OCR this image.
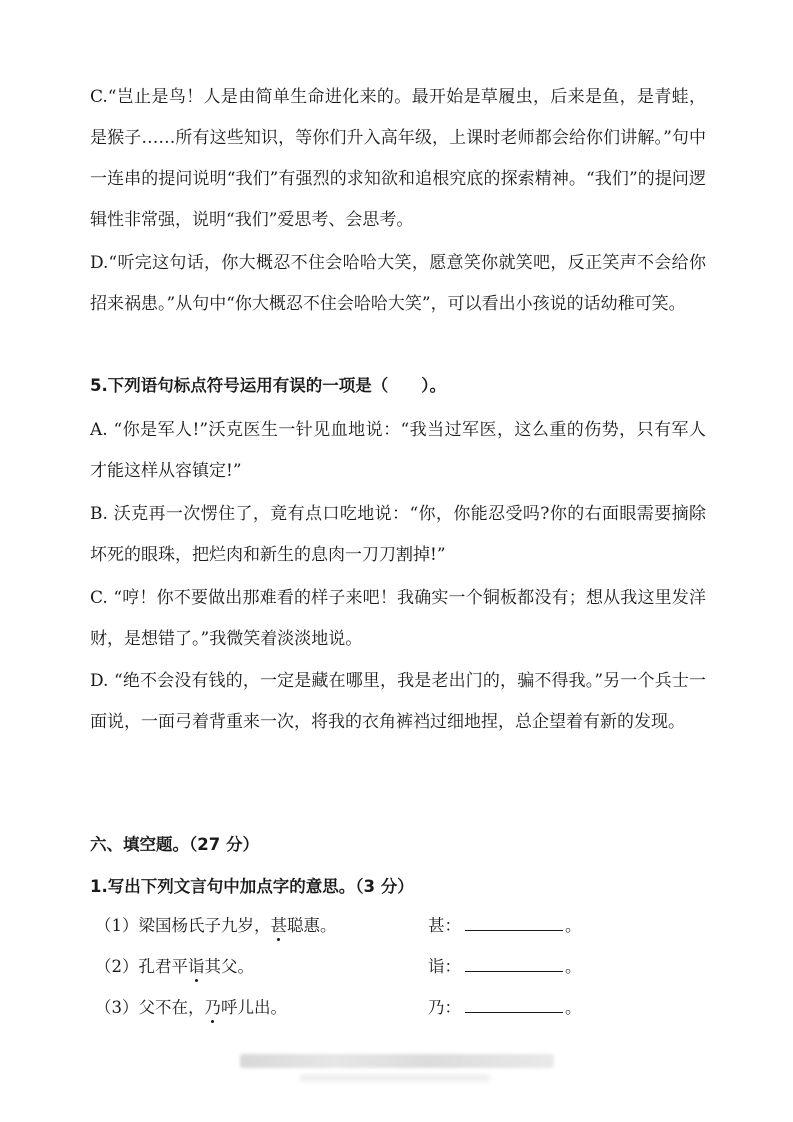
C.“岂止是鸟！人是由简单生命进化来的。最开始是草履虫，后来是鱼，是青蛙，是猴子……所有这些知识，等你们升入高年级，上课时老师都会给你们讲解。”句中一连串的提问说明“我们”有强烈的求知欲和追根究底的探索精神。“我们”的提问逻辑性非常强，说明“我们”爱思考、会思考。

D.“听完这句话，你大概忍不住会哈哈大笑，愿意笑你就笑吧，反正笑声不会给你招来祸患。”从句中“你大概忍不住会哈哈大笑”，可以看出小孩说的话幼稚可笑。

5.下列语句标点符号运用有误的一项是（　　）。

A. “你是军人!”沃克医生一针见血地说：“我当过军医，这么重的伤势，只有军人才能这样从容镇定!”

B. 沃克再一次愣住了，竟有点口吃地说：“你，你能忍受吗?你的右面眼需要摘除坏死的眼珠，把烂肉和新生的息肉一刀刀割掉!”

C. “哼！你不要做出那难看的样子来吧！我确实一个铜板都没有；想从我这里发洋财，是想错了。”我微笑着淡淡地说。

D. “绝不会没有钱的，一定是藏在哪里，我是老出门的，骗不得我。”另一个兵士一面说，一面弓着背重来一次，将我的衣角裤裆过细地捏，总企望着有新的发现。

六、填空题。（27 分）

1.写出下列文言句中加点字的意思。（3 分）

（1）梁国杨氏子九岁，甚聪惠。	甚：	。
（2）孔君平诣其父。	诣：	。
（3）父不在，乃呼儿出。	乃：	。
